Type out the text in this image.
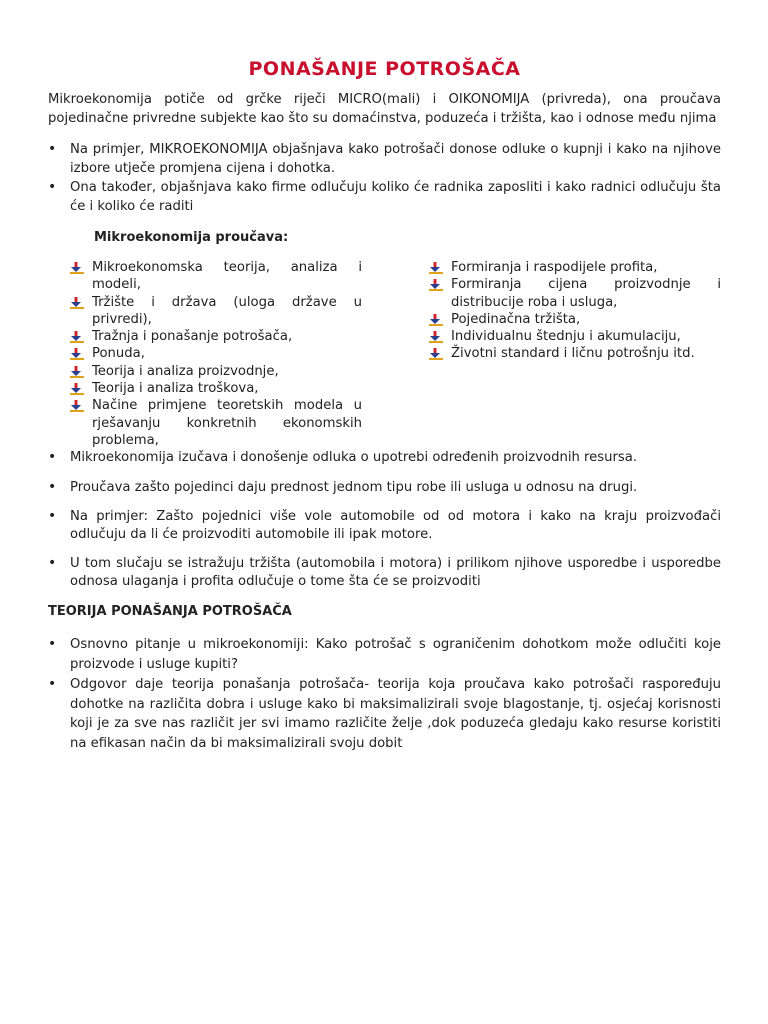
PONAŠANJE POTROŠAČA

Mikroekonomija potiče od grčke riječi MICRO(mali) i OIKONOMIJA (privreda), ona proučava pojedinačne privredne subjekte kao što su domaćinstva, poduzeća i tržišta, kao i odnose među njima

• Na primjer, MIKROEKONOMIJA objašnjava kako potrošači donose odluke o kupnji i kako na njihove izbore utječe promjena cijena i dohotka.
• Ona također, objašnjava kako firme odlučuju koliko će radnika zaposliti i kako radnici odlučuju šta će i koliko će raditi
Mikroekonomija proučava:
Mikroekonomska teorija, analiza i modeli,
Tržište i država (uloga države u privredi),
Tražnja i ponašanje potrošača,
Ponuda,
Teorija i analiza proizvodnje,
Teorija i analiza troškova,
Načine primjene teoretskih modela u rješavanju konkretnih ekonomskih problema,
Formiranja i raspodijele profita,
Formiranja cijena proizvodnje i distribucije roba i usluga,
Pojedinačna tržišta,
Individualnu štednju i akumulaciju,
Životni standard i ličnu potrošnju itd.
• Mikroekonomija izučava i donošenje odluka o upotrebi određenih proizvodnih resursa.
• Proučava zašto pojedinci daju prednost jednom tipu robe ili usluga u odnosu na drugi.
• Na primjer: Zašto pojednici više vole automobile od od motora i kako na kraju proizvođači odlučuju da li će proizvoditi automobile ili ipak motore.
• U tom slučaju se istražuju tržišta (automobila i motora) i prilikom njihove usporedbe i usporedbe odnosa ulaganja i profita odlučuje o tome šta će se proizvoditi
TEORIJA PONAŠANJA POTROŠAČA
• Osnovno pitanje u mikroekonomiji: Kako potrošač s ograničenim dohotkom može odlučiti koje proizvode i usluge kupiti?
• Odgovor daje teorija ponašanja potrošača- teorija koja proučava kako potrošači raspoređuju dohotke na različita dobra i usluge kako bi maksimalizirali svoje blagostanje, tj. osjećaj korisnosti koji je za sve nas različit jer svi imamo različite želje ,dok poduzeća gledaju kako resurse koristiti na efikasan način da bi maksimalizirali svoju dobit
